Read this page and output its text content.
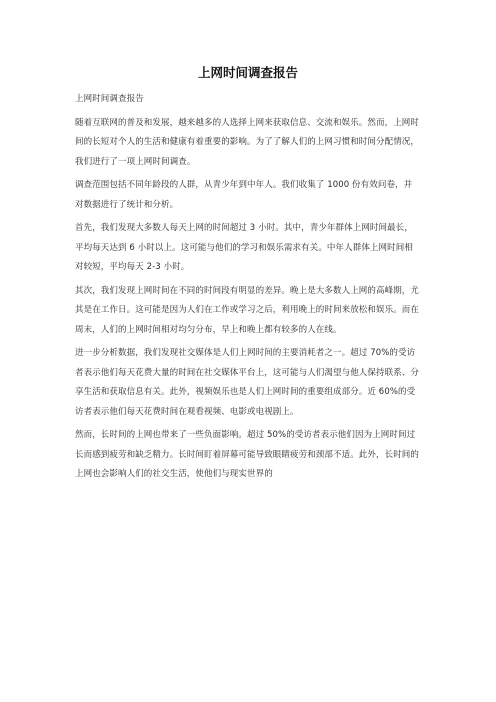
上网时间调查报告

上网时间调查报告

随着互联网的普及和发展，越来越多的人选择上网来获取信息、交流和娱乐。然而，上网时间的长短对个人的生活和健康有着重要的影响。为了了解人们的上网习惯和时间分配情况，我们进行了一项上网时间调查。

调查范围包括不同年龄段的人群，从青少年到中年人。我们收集了 1000 份有效问卷，并对数据进行了统计和分析。

首先，我们发现大多数人每天上网的时间超过 3 小时。其中，青少年群体上网时间最长，平均每天达到 6 小时以上。这可能与他们的学习和娱乐需求有关。中年人群体上网时间相对较短，平均每天 2-3 小时。

其次，我们发现上网时间在不同的时间段有明显的差异。晚上是大多数人上网的高峰期，尤其是在工作日。这可能是因为人们在工作或学习之后，利用晚上的时间来放松和娱乐。而在周末，人们的上网时间相对均匀分布，早上和晚上都有较多的人在线。

进一步分析数据，我们发现社交媒体是人们上网时间的主要消耗者之一。超过 70%的受访者表示他们每天花费大量的时间在社交媒体平台上，这可能与人们渴望与他人保持联系、分享生活和获取信息有关。此外，视频娱乐也是人们上网时间的重要组成部分。近 60%的受访者表示他们每天花费时间在观看视频、电影或电视剧上。

然而，长时间的上网也带来了一些负面影响。超过 50%的受访者表示他们因为上网时间过长而感到疲劳和缺乏精力。长时间盯着屏幕可能导致眼睛疲劳和颈部不适。此外，长时间的上网也会影响人们的社交生活，使他们与现实世界的
